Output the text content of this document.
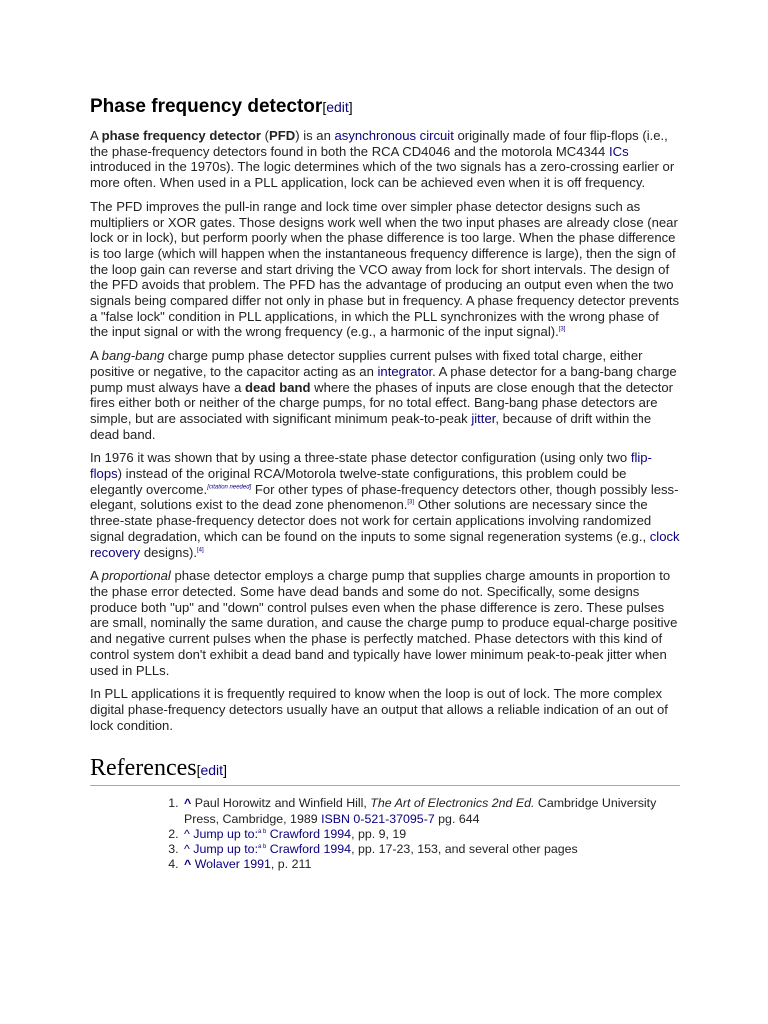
Phase frequency detector[edit]

A phase frequency detector (PFD) is an asynchronous circuit originally made of four flip-flops (i.e., the phase-frequency detectors found in both the RCA CD4046 and the motorola MC4344 ICs introduced in the 1970s). The logic determines which of the two signals has a zero-crossing earlier or more often. When used in a PLL application, lock can be achieved even when it is off frequency.

The PFD improves the pull-in range and lock time over simpler phase detector designs such as multipliers or XOR gates. Those designs work well when the two input phases are already close (near lock or in lock), but perform poorly when the phase difference is too large. When the phase difference is too large (which will happen when the instantaneous frequency difference is large), then the sign of the loop gain can reverse and start driving the VCO away from lock for short intervals. The design of the PFD avoids that problem. The PFD has the advantage of producing an output even when the two signals being compared differ not only in phase but in frequency. A phase frequency detector prevents a "false lock" condition in PLL applications, in which the PLL synchronizes with the wrong phase of the input signal or with the wrong frequency (e.g., a harmonic of the input signal).[3]

A bang-bang charge pump phase detector supplies current pulses with fixed total charge, either positive or negative, to the capacitor acting as an integrator. A phase detector for a bang-bang charge pump must always have a dead band where the phases of inputs are close enough that the detector fires either both or neither of the charge pumps, for no total effect. Bang-bang phase detectors are simple, but are associated with significant minimum peak-to-peak jitter, because of drift within the dead band.

In 1976 it was shown that by using a three-state phase detector configuration (using only two flip-flops) instead of the original RCA/Motorola twelve-state configurations, this problem could be elegantly overcome.[citation needed] For other types of phase-frequency detectors other, though possibly less-elegant, solutions exist to the dead zone phenomenon.[3] Other solutions are necessary since the three-state phase-frequency detector does not work for certain applications involving randomized signal degradation, which can be found on the inputs to some signal regeneration systems (e.g., clock recovery designs).[4]

A proportional phase detector employs a charge pump that supplies charge amounts in proportion to the phase error detected. Some have dead bands and some do not. Specifically, some designs produce both "up" and "down" control pulses even when the phase difference is zero. These pulses are small, nominally the same duration, and cause the charge pump to produce equal-charge positive and negative current pulses when the phase is perfectly matched. Phase detectors with this kind of control system don't exhibit a dead band and typically have lower minimum peak-to-peak jitter when used in PLLs.

In PLL applications it is frequently required to know when the loop is out of lock. The more complex digital phase-frequency detectors usually have an output that allows a reliable indication of an out of lock condition.

References[edit]
1. ^ Paul Horowitz and Winfield Hill, The Art of Electronics 2nd Ed. Cambridge University Press, Cambridge, 1989 ISBN 0-521-37095-7 pg. 644
2. ^ Jump up to:$^{a b}$ Crawford 1994, pp. 9, 19
3. ^ Jump up to:$^{a b}$ Crawford 1994, pp. 17-23, 153, and several other pages
4. ^ Wolaver 1991, p. 211
